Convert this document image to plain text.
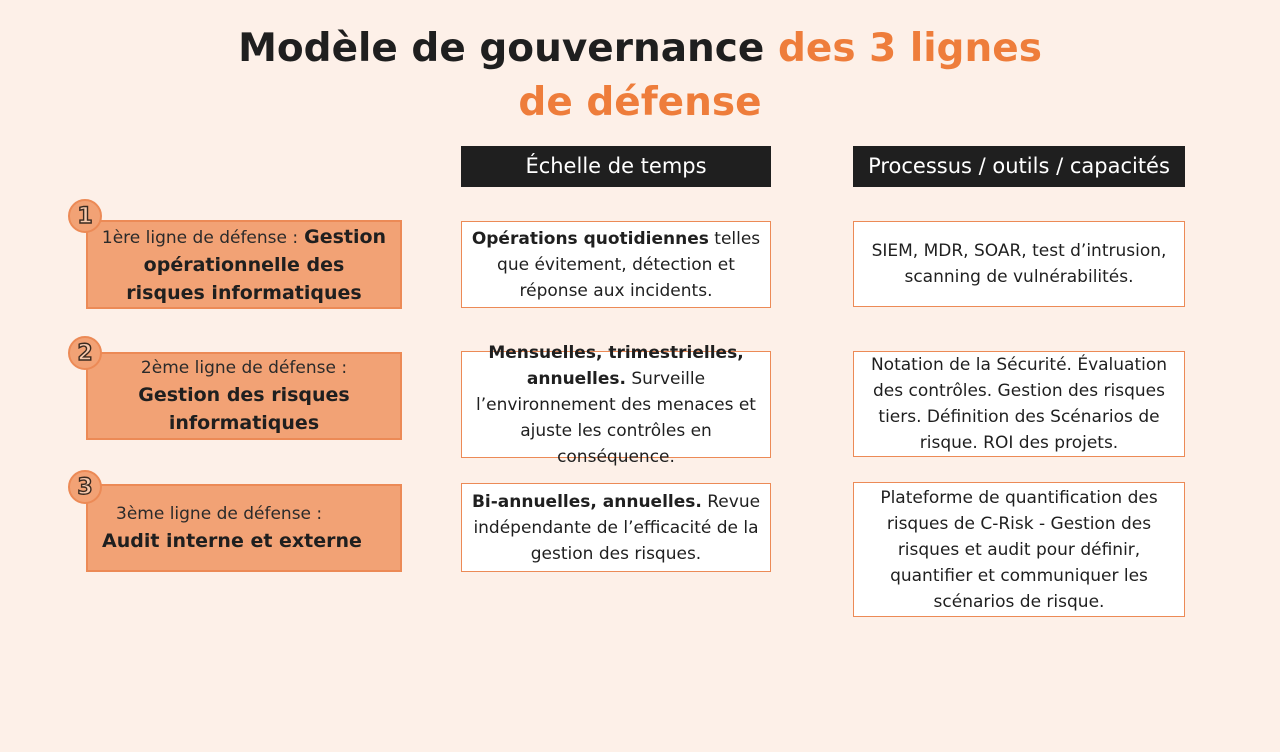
Modèle de gouvernance des 3 lignes
de défense
Échelle de temps	Processus / outils / capacités
1ère ligne de défense : Gestion
opérationnelle des risques informatiques
1
Opérations quotidiennes telles que évitement, détection et réponse aux incidents.
SIEM, MDR, SOAR, test d’intrusion, scanning de vulnérabilités.
2ème ligne de défense :
Gestion des risques informatiques
2	Mensuelles, trimestrielles, annuelles. Surveille l’environnement des menaces et ajuste les contrôles en conséquence.
Notation de la Sécurité. Évaluation des contrôles. Gestion des risques tiers. Définition des Scénarios de risque. ROI des projets.
3ème ligne de défense :
Audit interne et externe
3
Bi-annuelles, annuelles. Revue indépendante de l’efficacité de la gestion des risques.
Plateforme de quantification des risques de C-Risk - Gestion des risques et audit pour définir, quantifier et communiquer les scénarios de risque.
